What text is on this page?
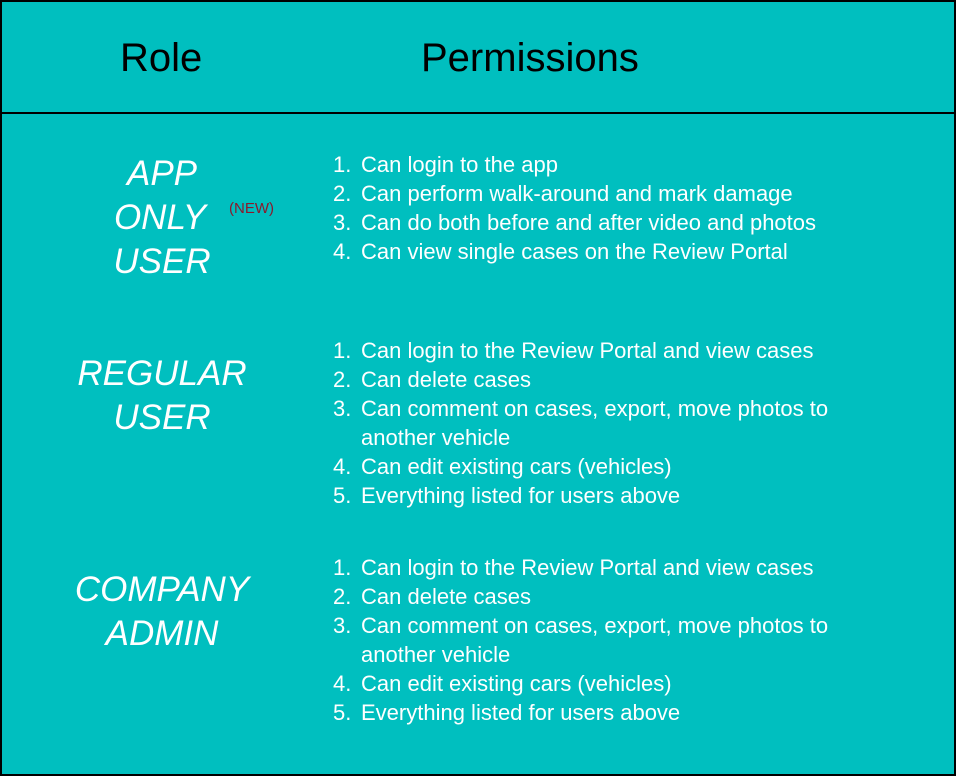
Role	Permissions
APP
ONLY
USER
(NEW)
1. Can login to the app
2. Can perform walk-around and mark damage
3. Can do both before and after video and photos
4. Can view single cases on the Review Portal
REGULAR
USER
1. Can login to the Review Portal and view cases
2. Can delete cases
3. Can comment on cases, export, move photos to
another vehicle
4. Can edit existing cars (vehicles)
5. Everything listed for users above
COMPANY
ADMIN
1. Can login to the Review Portal and view cases
2. Can delete cases
3. Can comment on cases, export, move photos to
another vehicle
4. Can edit existing cars (vehicles)
5. Everything listed for users above
